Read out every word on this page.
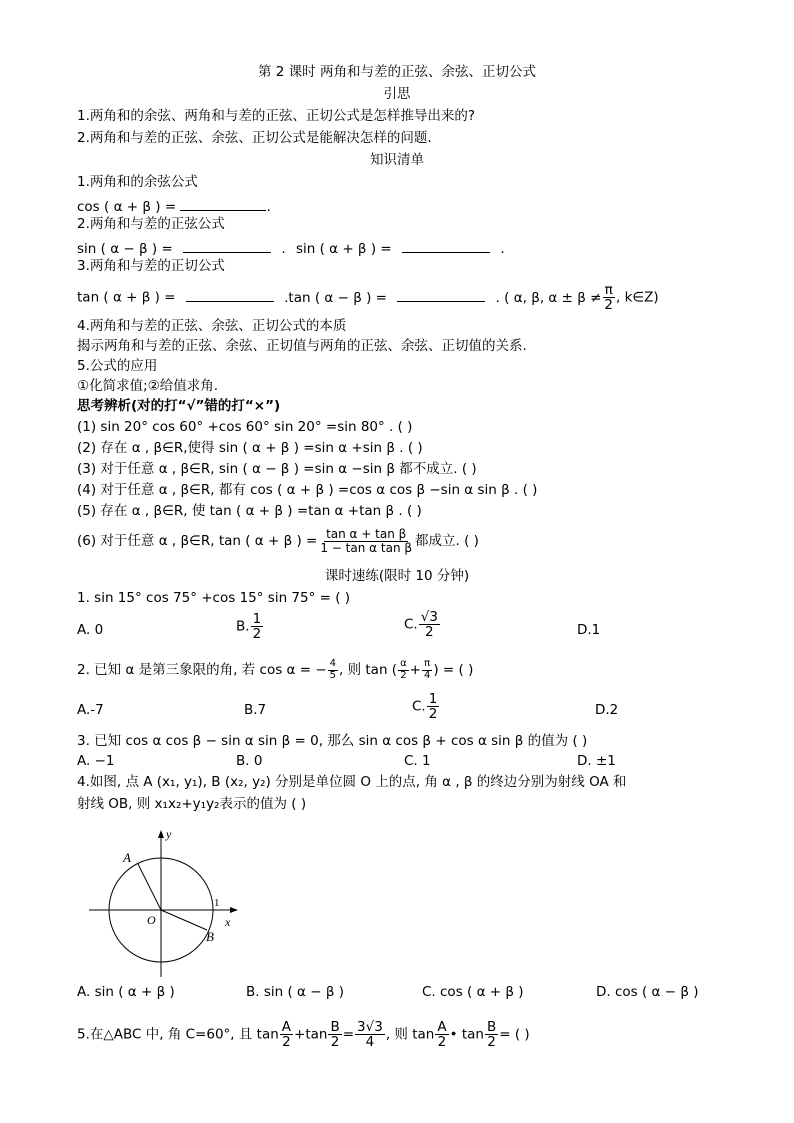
第 2 课时 两角和与差的正弦、余弦、正切公式
引思
1.两角和的余弦、两角和与差的正弦、正切公式是怎样推导出来的?
2.两角和与差的正弦、余弦、正切公式是能解决怎样的问题.
知识清单
1.两角和的余弦公式
cos ( α + β ) =	.
2.两角和与差的正弦公式
sin ( α − β ) =	. sin ( α + β ) =	.
3.两角和与差的正切公式
tan ( α + β ) =	.tan ( α − β ) =	. ( α, β, $\alpha \pm \beta \ne \frac{\pi}{2}$ , k∈Z)
4.两角和与差的正弦、余弦、正切公式的本质
揭示两角和与差的正弦、余弦、正切值与两角的正弦、余弦、正切值的关系.
5.公式的应用
①化简求值;②给值求角.
思考辨析(对的打“√”错的打“×”)
(1) sin 20° cos 60° +cos 60° sin 20° =sin 80° . ( )
(2) 存在 α , β∈R,使得 sin ( α + β ) =sin α +sin β . ( )
(3) 对于任意 α , β∈R, sin ( α − β ) =sin α −sin β 都不成立. ( )
(4) 对于任意 α , β∈R, 都有 cos ( α + β ) =cos α cos β −sin α sin β . ( )
(5) 存在 α , β∈R, 使 tan ( α + β ) =tan α +tan β . ( )
(6) 对于任意 α , β∈R, tan ( α + β ) = $\frac{\text{tan α + tan β}}{\text{1 − tan α tan β}}$ 都成立. ( )
课时速练(限时 10 分钟)
1. sin 15° cos 75° +cos 15° sin 75° = ( )
A. 0	B. $\frac{1}{2}$	C. $\frac{√3}{2}$	D.1
2. 已知 α 是第三象限的角, 若 cos α = − $\frac{4}{5}$ , 则 tan ( $\frac{\alpha}{2} + \frac{\pi}{4}$ ) = ( )
A.-7	B.7	C. $\frac{1}{2}$	D.2
3. 已知 cos α cos β − sin α sin β = 0, 那么 sin α cos β + cos α sin β 的值为 ( )
A. −1	B. 0	C. 1	D. ±1
4.如图, 点 A (x₁, y₁), B (x₂, y₂) 分别是单位圆 O 上的点, 角 α , β 的终边分别为射线 OA 和
射线 OB, 则 x₁x₂+y₁y₂表示的值为 ( )
y
x
O
A
B
1
A. sin ( α + β )	B. sin ( α − β )	C. cos ( α + β )	D. cos ( α − β )
5.在△ABC 中, 角 C=60°, 且 $\tan \frac{A}{2} +\tan \frac{B}{2} = \frac{3√3}{4}$ , 则 $\tan \frac{A}{2}$ • $\tan \frac{B}{2}$ = ( )
